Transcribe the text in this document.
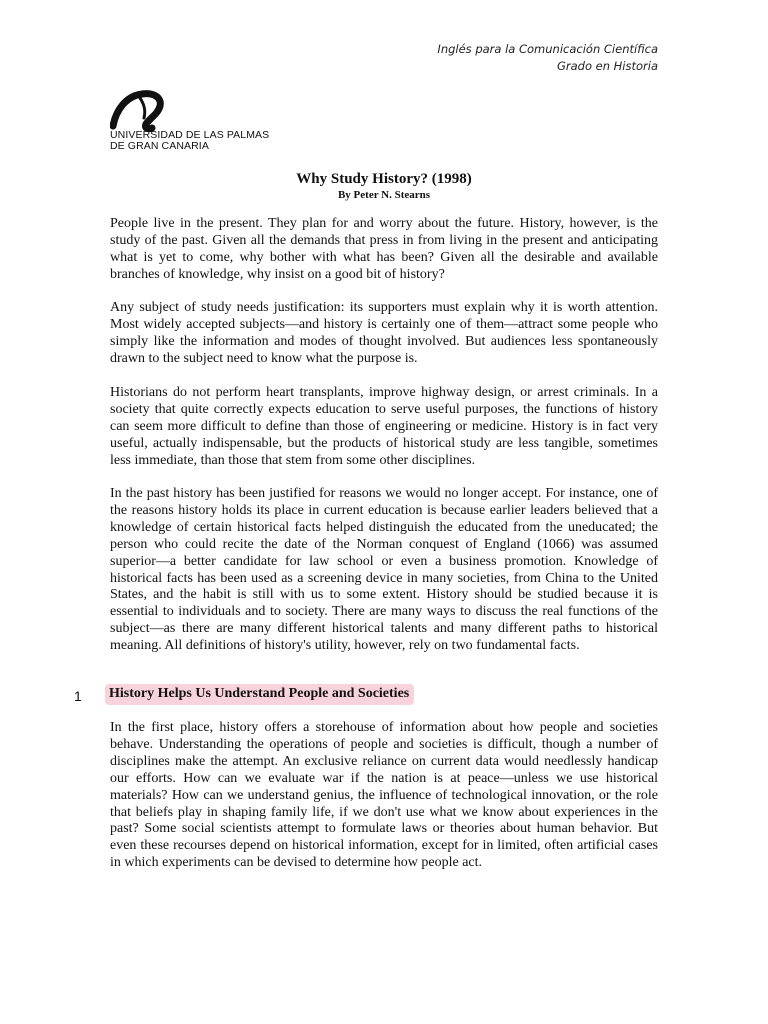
Inglés para la Comunicación Científica
Grado en Historia
UNIVERSIDAD DE LAS PALMAS
DE GRAN CANARIA
Why Study History? (1998)
By Peter N. Stearns

People live in the present. They plan for and worry about the future. History, however, is the study of the past. Given all the demands that press in from living in the present and anticipating what is yet to come, why bother with what has been? Given all the desirable and available branches of knowledge, why insist on a good bit of history?

Any subject of study needs justification: its supporters must explain why it is worth attention. Most widely accepted subjects—and history is certainly one of them—attract some people who simply like the information and modes of thought involved. But audiences less spontaneously drawn to the subject need to know what the purpose is.

Historians do not perform heart transplants, improve highway design, or arrest criminals. In a society that quite correctly expects education to serve useful purposes, the functions of history can seem more difficult to define than those of engineering or medicine. History is in fact very useful, actually indispensable, but the products of historical study are less tangible, sometimes less immediate, than those that stem from some other disciplines.

In the past history has been justified for reasons we would no longer accept. For instance, one of the reasons history holds its place in current education is because earlier leaders believed that a knowledge of certain historical facts helped distinguish the educated from the uneducated; the person who could recite the date of the Norman conquest of England (1066) was assumed superior—a better candidate for law school or even a business promotion. Knowledge of historical facts has been used as a screening device in many societies, from China to the United States, and the habit is still with us to some extent. History should be studied because it is essential to individuals and to society. There are many ways to discuss the real functions of the subject—as there are many different historical talents and many different paths to historical meaning. All definitions of history's utility, however, rely on two fundamental facts.

1 History Helps Us Understand People and Societies

In the first place, history offers a storehouse of information about how people and societies behave. Understanding the operations of people and societies is difficult, though a number of disciplines make the attempt. An exclusive reliance on current data would needlessly handicap our efforts. How can we evaluate war if the nation is at peace—unless we use historical materials? How can we understand genius, the influence of technological innovation, or the role that beliefs play in shaping family life, if we don't use what we know about experiences in the past? Some social scientists attempt to formulate laws or theories about human behavior. But even these recourses depend on historical information, except for in limited, often artificial cases in which experiments can be devised to determine how people act.
